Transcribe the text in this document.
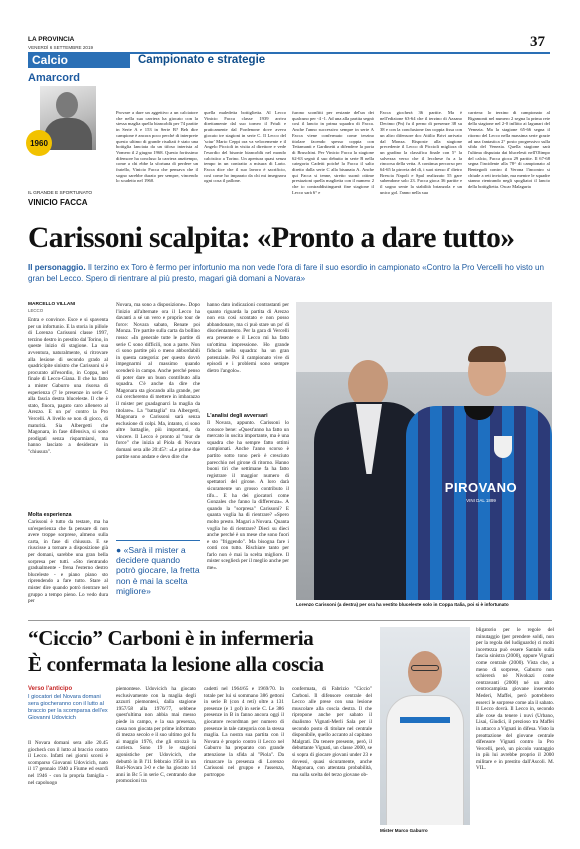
LA PROVINCIA
VENERDÌ 6 SETTEMBRE 2019	37
Calcio	Campionato e strategie
Amarcord
1960
IL GRANDE E SFORTUNATO
VINICIO FACCA
Provare a dare un aggettivo a un calciatore che nella sua carriera ha giocato con la stessa maglia quella biancoblù per 74 partite in Serie A e 153 in Serie B? Beh dire campione è ancora poco perché di interprete questo ultimo di grande risultati è stato una bottiglia lanciata da un tifoso interista al Vomero il 2 giugno 1968. Questo fortissimo difensore ha concluso la carriera anzitempo, come a chi ebbe la sfortuna di perdere un fratello, Vinicio Facca che pensava che il sogno sarebbe durato per sempre, vincendo lo scudetto nel 1960.
quella maledetta bottiglietta. Al Lecco Vinicio Facca classe 1939 arriva direttamente dal suo torneo il Friuli e praticamente dal Pordenone dove aveva giocato tre stagioni in serie C. Il Lecco del 'sciur' Mario Ceppi ora va velocemente e il Angelo Piccioli in visita al direttore e vede l'esordio del bisonte biancoblù nel mondo calcistico a Torino. Un apertura quasi senza tempo in un contratto a misura di Lario. Facca dice che il suo lavoro è sacrificio, così come ho imparato da chi mi insegnava ogni cosa il pallone.
furono sconfitti per restante del'un dei qualcuno per -4 -1. Ad una alla partita segnò così il lancio in prima squadra di Facca. Anche l'anno successivo sempre in serie A Facca viene confermato come terzino titolare facendo spesso coppia con Tettamanti e Gardinetti a difendere la porta di Bruschini. Per Vinicio Facca la stagione 62-63 segnò il suo debutto in serie B nella categoria Cadetti poiché la Facca il salto diretto dalla serie C alla bisunata A. Anche qui Facca si tenne, stretto suonò ottime prestazioni quella maglietta con il numero 2 che io contraddistinguerà fine stagione il Lecco sarà 6° e
Facca giocherà 36 partite. Ma è nell'edizione 63-64 che il terzino di Azzano Decimo (Pn) fu il perno di presenze 38 su 38 e con la conclusione fan coppia fissa con un altro difensore doc Attilio Brivi arrivato dal Monza. Risposte alla stagione precedente il Lecco di Piccioli migliora di un gradino la classifica finale con 5° la salvezza verso che il lecchese fu a la rincorsa della vetta. A continua percorso per 64-65 la pirovia del dì, i suoi stesso il' dietro Brescia Napoli e Spal realizzato 55 gare subendone solo 23. Facca gioca 36 partite e il sogno sente la stabilità brianzola e un unico gol. l'anno nella sua
carriera: lo terzino di campionato al Rigamonti nel numero 2 segna la prima rete della stagione nel 2-0 inflitto ai lagunari del Venezia. Ma la stagione 65-66 segna il ritorno del Lecco nella massima serie grazie ad una fantastica 2° posto progressivo sulla sfida del Venezia. Quella stagione sarà l'ultima disputata dai blucelesti nell'Olimpo del calcio, Facca gioca 29 partite. Il 67-68 segna l'incidente alla 78^ di campionato al Bentegodi contro il Verona l'incontro si chiude a reti inviolate, ma mentre le squadre stanno rientrando negli spogliatoi il lancio della bottiglietta. Oscar Malagaria
Carissoni scalpita: «Pronto a dare tutto»
Il personaggio. Il terzino ex Toro è fermo per infortunio ma non vede l'ora di fare il suo esordio in campionato «Contro la Pro Vercelli ho visto un gran bel Lecco. Spero di rientrare al più presto, magari già domani a Novara»
MARCELLO VILLANI
LECCO
Entra e convince. Esce e si spaventa per un infortunio. E la storia in pillole di Lorenzo Carissoni classe 1997, terzino destro in prestito dal Torino, in queste inizio di stagione. La sua avventura, naturalmente, si ritrovare alla lesione di secondo grado al quadricipite sinistro che Carissoni si è procurato all'esordio, in Coppa, nel finale di Lecco-Giana. Il che ha fatto a mister Gaburro una risorsa di esperienza (7 le presenze in serie C alla fascia destra bluceleste. Il che è stato, finora, pagato caro allenero al Arezzo. E un po' contro la Pro Vercelli. A livello se non di gioco, di maturità. Sia Albergetti che Magonara, in fase difensiva, si sono prodigati senza risparmiarsi, ma hanno lasciato a desiderare in "chiusura".
Molta esperienza
Carissoni è tutto da testare, ma ha un'esperienza che fa pensare di non avere troppe sorprese, almeno sulla carta, in fase di chiusura. E se riuscisse a tornare a disposizione già per domani, sarebbe una gran bella sorpresa per tutti. «Sto rientrando gradualmente - frena l'esterno destro bluceleste - e piano piano sto riprendendo a fare tutto. Stare al mister dire quando potrò rientrare nel gruppo a tempo pieno. Lo vedo dura per
Novara, ma sono a disposizione». Dopo l'inizio all'alternate ora il Lecco ha davanti a sé un vero e proprio tour de force: Novara sabato, Renate poi Monza. Tre partite sulla carta da bollino rosso: «In generale tutte le partite di serie C sono difficili, non a parte. Non ci sono partite più o meno abbordabili in questa categoria: per questo dovrò impegnarmi al massimo quando scenderò in campo. Anche perché penso di poter dare un buon contributo alla squadra. C'è anche da dire che Magonara sta giocando alla grande, per cui cercheremo di mettere in imbarazzo il mister per guadagnarci la maglia da titolare». La "battaglia" tra Albergetti, Magonara e Carissoni sarà senza esclusione di colpi. Ma, intanto, ci sono altre battaglie, più importanti, da vincere. Il Lecco è pronto al "tour de force" che inizia al Piola di Novara domani sera alle 20:45?: «Le prime due partite sono andate e devo dire che
● «Sarà il mister a decidere quando potrò giocare, la fretta non è mai la scelta migliore»
hanno dato indicazioni contrastanti per quanto riguarda la partita di Arezzo non era così scontato e non posso abbandonare, ma ci può stare un po' di disorientamento. Per la gara di Vercelli era presente e il Lecco mi ha fatto un'ottima impressione. Ho grande fiducia nella squadra: ha un gran potenziale. Poi il campionato vive di episodi e i problemi sono sempre dietro l'angolo».
L'analisi degli avversari
Il Novara, appunto. Carissoni lo conosce bene: «Quest'anno ha fatto un mercato in uscita importante, ma è una squadra che ha sempre fatto ottimi campionati. Anche l'anno scorso è partito sotto tono però è cresciuto parecchio nel girone di ritorno. Hanno buoni tiri che settimane fa ha fatto registrare il maggior numero di spettatori del girone. A loro darà sicuramente un grosso contributo il tifo... E ha dei giocatori come Gonzales che fanno la differenza». A quando la "sorpresa" Carissoni? E quanta voglia ha di rientrare? «Spero molto presto. Magari a Novara. Quanta voglia ho di rientrare? Dieci su dieci anche perché è un mese che sono fuori e sto "friggendo". Ma bisogna fare i conti con tutto. Rischiare tanto per farlo non è mai la scelta migliore. Il mister sceglierà per il meglio anche per me».
PIROVANO
VINI DAL 1899
Lorenzo Carissoni (a destra) per ora ha vestito bluceleste solo in Coppa Italia, poi si è infortunato
“Ciccio” Carboni è in infermeria
È confermata la lesione alla coscia
Verso l'anticipo
I giocatori del Novara domani sera giocheranno con il lutto al braccio per la scomparsa dell'ex Giovanni Udovicich
Il Novara domani sera alle 20.45 giocherà con il lutto al braccio contro il Lecco. Infatti nei giorni scorsi è scomparso Giovanni Udovicich, nato il 17 gennaio 1940 a Fiume ed esordì nel 1946 - con la propria famiglia - nel capoluogo
piemontese. Udovicich ha giocato esclusivamente con la maglia degli azzurri piemontesi, dalla stagione 1957/58 alla 1976/77, sebbene quest'ultima non abbia mai messo piede in campo, e la sua presenza, cassa non giocata per prime informato di mezzo secolo e il suo ultimo gol fu ai maggio 1976, che gli strozzò la carriera. Sono 19 le stagioni agonistiche per Udovicich, che debuttò in B l'11 febbraio 1958 in un Bari-Novara 3-0 e che ha giocato 14 anni in Bc 5 in serie C, centrando due promozioni tra
cadetti nel 1964/65 e 1969/70. In totale per lui si sommano 386 gettoni in serie B (con 4 reti) oltre a 131 presenze (e 1 gol) in serie C. Le 386 presenze in B in fanno ancora oggi il giocatore recordman per numero di presenze in tale categoria con la stessa maglia. La nostra sua partita con il Novara è proprio contro il Lecco nel Gaburro ha preparato con grande attenzione la sfida al "Piola". Da rimarcare la presenza di Lorenzo Carissoni nel gruppo e l'assenza, purtroppo
confermata, di Fabrizio "Ciccio" Carboni. Il difensore centrale del Lecco alle prese con una lesione muscolare alla coscia destra. Il che ripropone anche per sabato il dualismo Vignati-Merli Sala per il secondo posto di titolare nel centrale disponibile, quello accanto al capitano Malgrati. Da tenere presente, però, il debuttante Vignati, un classe 2000, se si sopra di giocare giovani under 23 e dovessi, quasi sicuramente, anche Magonara, con attentata probabilità, ma sulla scelta del terzo giovane ob-
Mister Marco Gaburro
bligatorio per le regole del minutaggio (per prendere soldi, non per la regola del ludiguardo) ci molti incertezza può essere Santalo sulla fascia sinistra (2000), oppure Vignati come centrale (2000). Vista che, a meno di sorprese, Gaburro non schiererà né Nivokazi come centravanti (2000) né un altro centrocampista giovane inserendo Mederi, Maffei, però potrebbero esserci le sorprese come ala il sabato. Il Lecco dovrà. Il Lecco in, secondo alle cose da tenere i nuvi (Urbano, Lisai, Giudici, il prezioso tra Maffei in attacco a Vignati in difesa. Visto la preattazione del giovane centrale difensore Vignati contro la Pro Vercelli, però, un piccolo vantaggio in più lui avrebbe proprio il 2000 militare e in prestito dall'Ascoli. M. VIL.
